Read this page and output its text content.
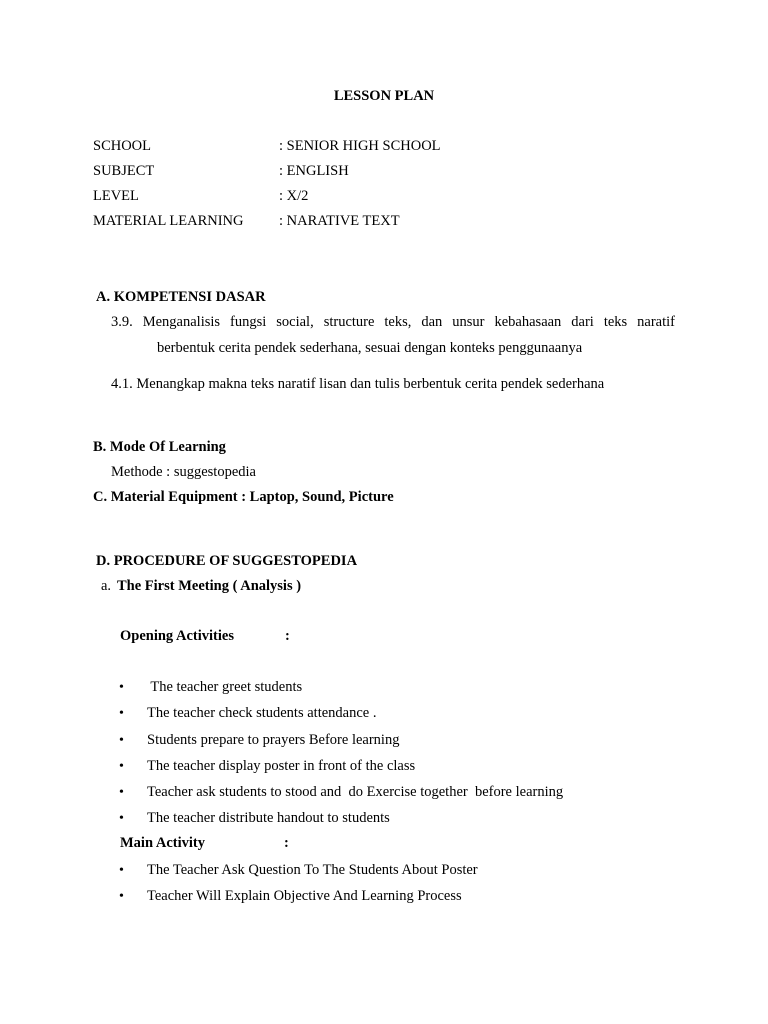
LESSON PLAN
SCHOOL	: SENIOR HIGH SCHOOL
SUBJECT	: ENGLISH
LEVEL	: X/2
MATERIAL LEARNING : NARATIVE TEXT
A. KOMPETENSI DASAR
3.9.  Menganalisis  fungsi  social,  structure  teks,  dan  unsur  kebahasaan  dari  teks  naratif
berbentuk cerita pendek sederhana, sesuai dengan konteks penggunaanya
4.1. Menangkap makna teks naratif lisan dan tulis berbentuk cerita pendek sederhana
B. Mode Of Learning
Methode : suggestopedia
C. Material Equipment : Laptop, Sound, Picture
D. PROCEDURE OF SUGGESTOPEDIA
a. The First Meeting ( Analysis )
Opening Activities	:
• The teacher greet students
• The teacher check students attendance .
• Students prepare to prayers Before learning
• The teacher display poster in front of the class
• Teacher ask students to stood and  do Exercise together  before learning
• The teacher distribute handout to students
Main Activity	:
• The Teacher Ask Question To The Students About Poster
• Teacher Will Explain Objective And Learning Process
